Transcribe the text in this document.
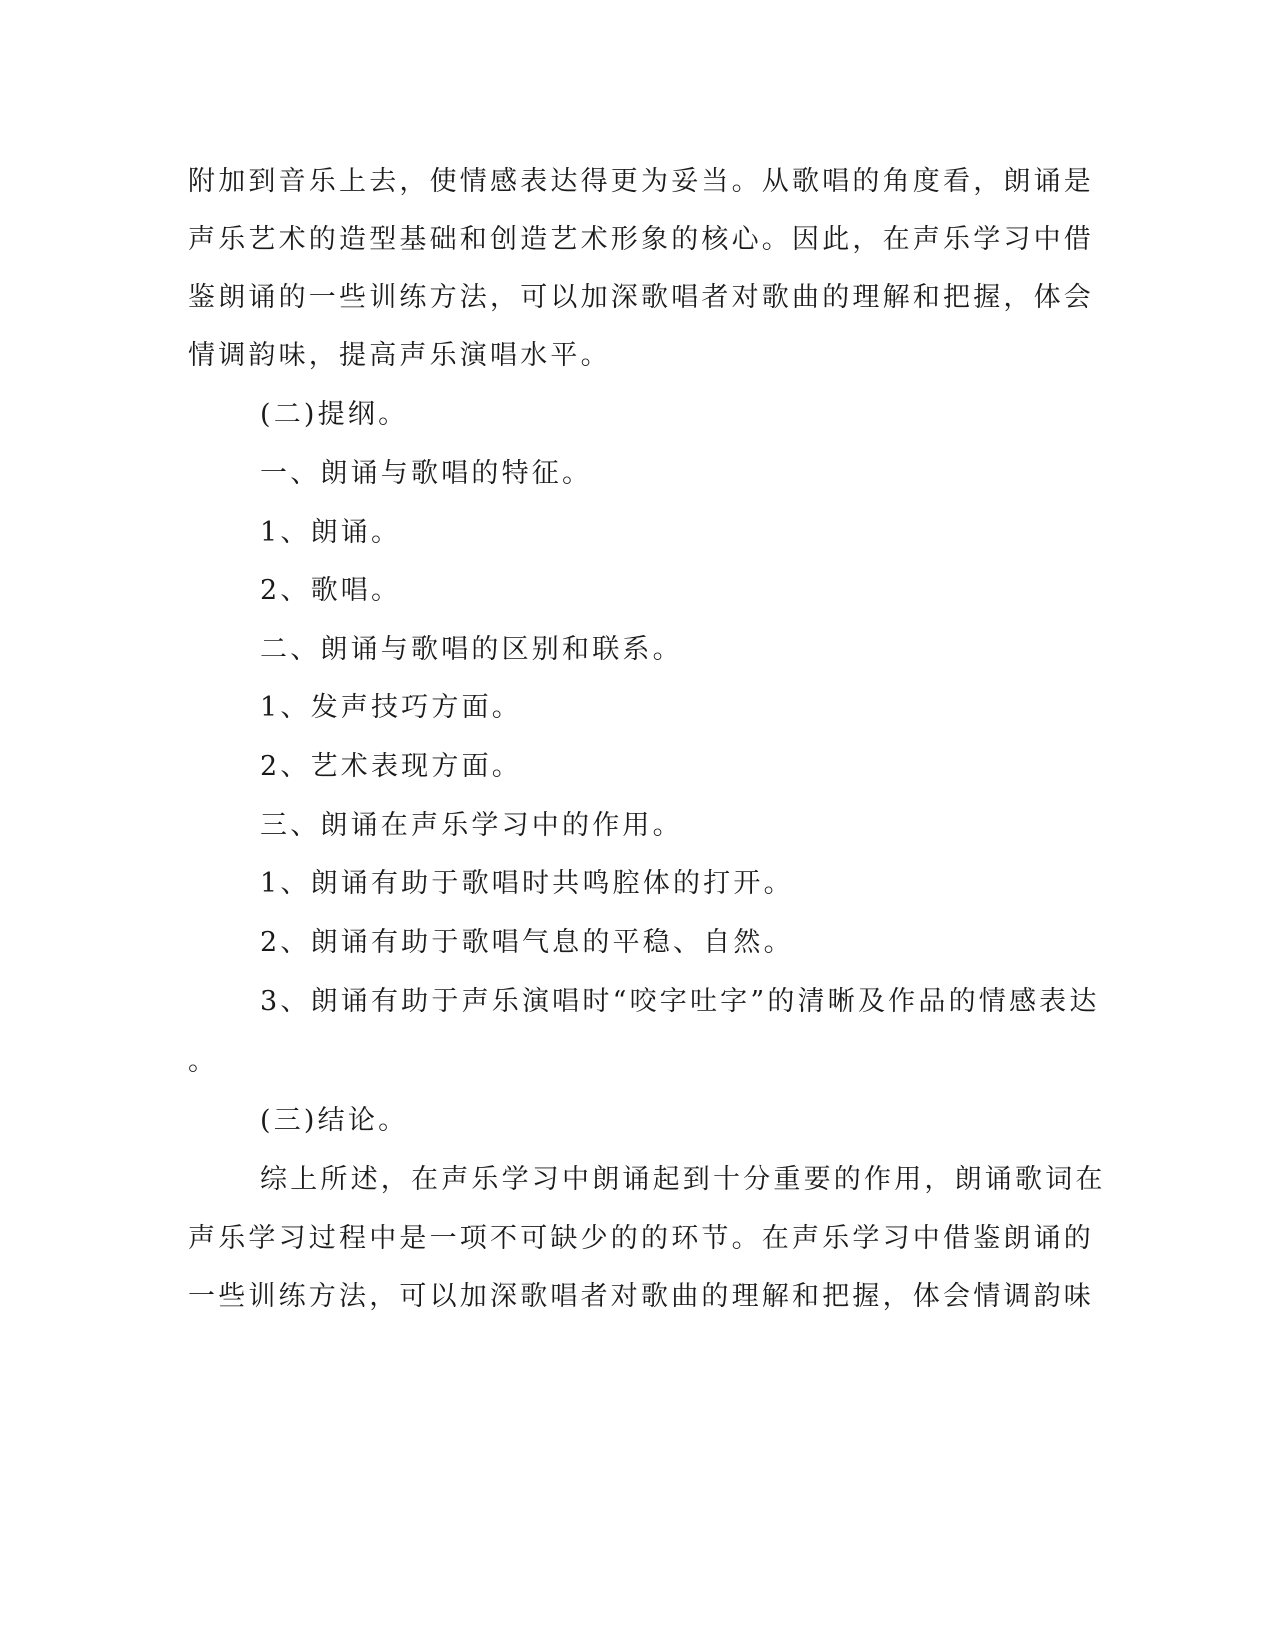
附加到音乐上去，使情感表达得更为妥当。从歌唱的角度看，朗诵是
声乐艺术的造型基础和创造艺术形象的核心。因此，在声乐学习中借
鉴朗诵的一些训练方法，可以加深歌唱者对歌曲的理解和把握，体会
情调韵味，提高声乐演唱水平。
(二)提纲。
一、朗诵与歌唱的特征。
1、朗诵。
2、歌唱。
二、朗诵与歌唱的区别和联系。
1、发声技巧方面。
2、艺术表现方面。
三、朗诵在声乐学习中的作用。
1、朗诵有助于歌唱时共鸣腔体的打开。
2、朗诵有助于歌唱气息的平稳、自然。
3、朗诵有助于声乐演唱时“咬字吐字”的清晰及作品的情感表达
。
(三)结论。
综上所述，在声乐学习中朗诵起到十分重要的作用，朗诵歌词在
声乐学习过程中是一项不可缺少的的环节。在声乐学习中借鉴朗诵的
一些训练方法，可以加深歌唱者对歌曲的理解和把握，体会情调韵味
